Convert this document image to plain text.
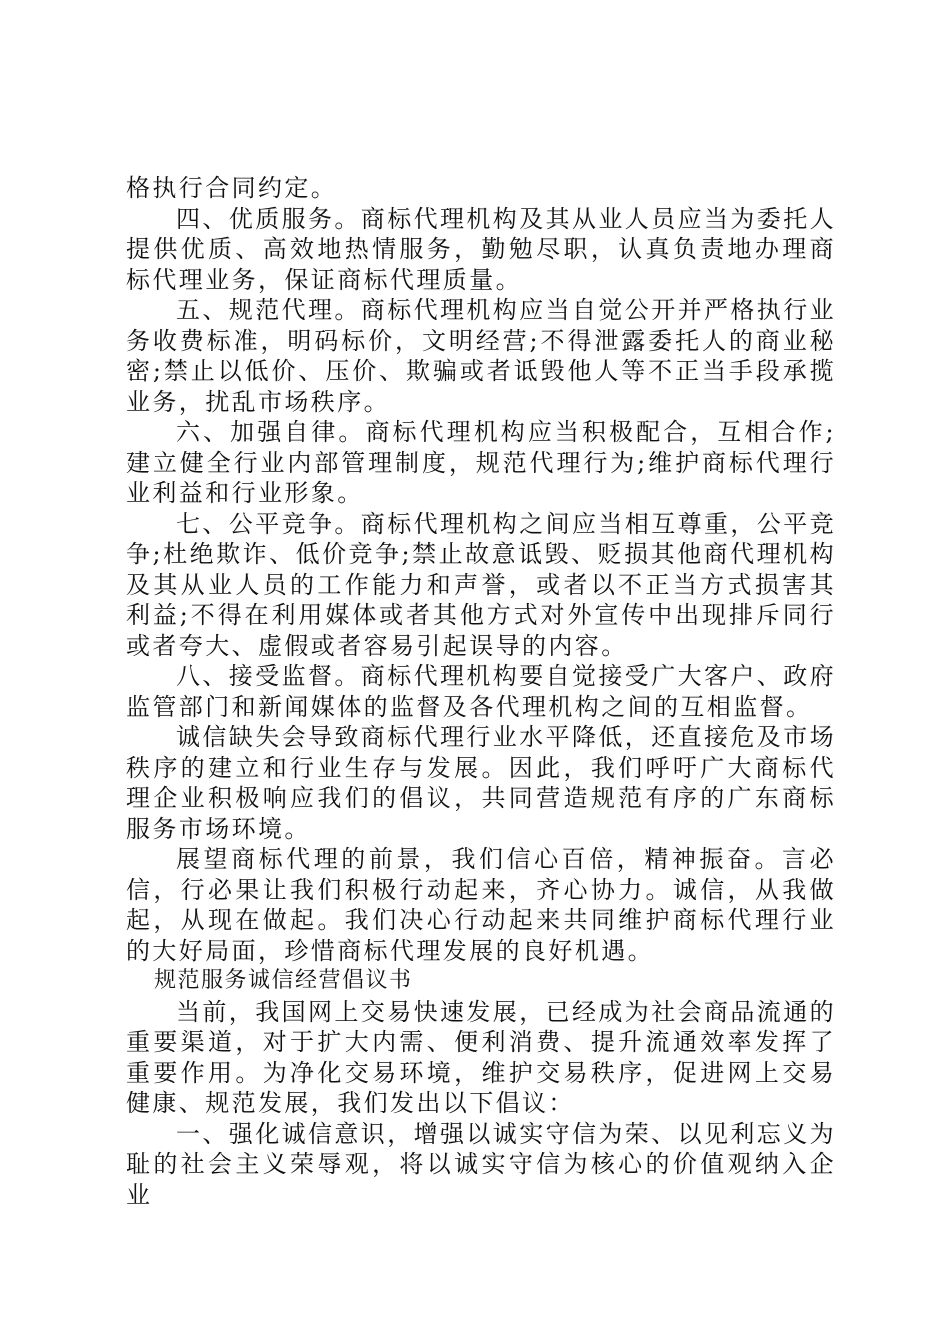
格执行合同约定。

四、优质服务。商标代理机构及其从业人员应当为委托人提供优质、高效地热情服务，勤勉尽职，认真负责地办理商标代理业务，保证商标代理质量。

五、规范代理。商标代理机构应当自觉公开并严格执行业务收费标准，明码标价，文明经营;不得泄露委托人的商业秘密;禁止以低价、压价、欺骗或者诋毁他人等不正当手段承揽业务，扰乱市场秩序。

六、加强自律。商标代理机构应当积极配合，互相合作;建立健全行业内部管理制度，规范代理行为;维护商标代理行业利益和行业形象。

七、公平竞争。商标代理机构之间应当相互尊重，公平竞争;杜绝欺诈、低价竞争;禁止故意诋毁、贬损其他商代理机构及其从业人员的工作能力和声誉，或者以不正当方式损害其利益;不得在利用媒体或者其他方式对外宣传中出现排斥同行或者夸大、虚假或者容易引起误导的内容。

八、接受监督。商标代理机构要自觉接受广大客户、政府监管部门和新闻媒体的监督及各代理机构之间的互相监督。

诚信缺失会导致商标代理行业水平降低，还直接危及市场秩序的建立和行业生存与发展。因此，我们呼吁广大商标代理企业积极响应我们的倡议，共同营造规范有序的广东商标服务市场环境。

展望商标代理的前景，我们信心百倍，精神振奋。言必信，行必果让我们积极行动起来，齐心协力。诚信，从我做起，从现在做起。我们决心行动起来共同维护商标代理行业的大好局面，珍惜商标代理发展的良好机遇。

规范服务诚信经营倡议书

当前，我国网上交易快速发展，已经成为社会商品流通的重要渠道，对于扩大内需、便利消费、提升流通效率发挥了重要作用。为净化交易环境，维护交易秩序，促进网上交易健康、规范发展，我们发出以下倡议：

一、强化诚信意识，增强以诚实守信为荣、以见利忘义为耻的社会主义荣辱观，将以诚实守信为核心的价值观纳入企业
